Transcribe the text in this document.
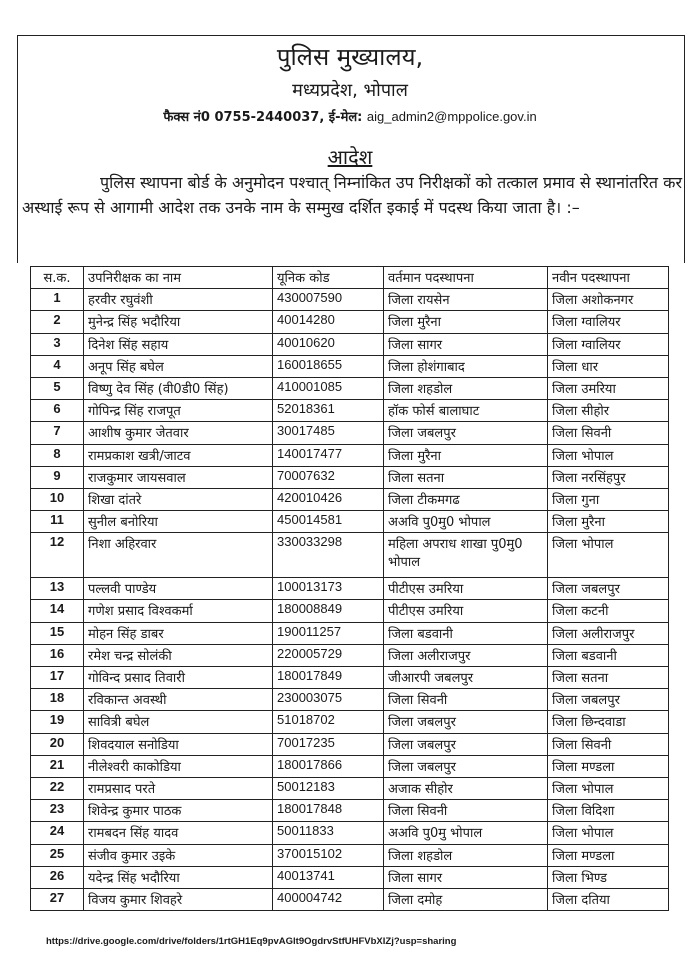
पुलिस मुख्यालय,
मध्यप्रदेश, भोपाल
फैक्स नं0 0755-2440037, ई-मेल: aig_admin2@mppolice.gov.in
आदेश
पुलिस स्थापना बोर्ड के अनुमोदन पश्चात् निम्नांकित उप निरीक्षकों को तत्काल प्रमाव से स्थानांतरित कर अस्थाई रूप से आगामी आदेश तक उनके नाम के सम्मुख दर्शित इकाई में पदस्थ किया जाता है। :–
स.क.	उपनिरीक्षक का नाम	यूनिक कोड	वर्तमान पदस्थापना	नवीन पदस्थापना
1	हरवीर रघुवंशी	430007590	जिला रायसेन	जिला अशोकनगर
2	मुनेन्द्र सिंह भदौरिया	40014280	जिला मुरैना	जिला ग्वालियर
3	दिनेश सिंह सहाय	40010620	जिला सागर	जिला ग्वालियर
4	अनूप सिंह बघेल	160018655	जिला होशंगाबाद	जिला धार
5	विष्णु देव सिंह (वी0डी0 सिंह)	410001085	जिला शहडोल	जिला उमरिया
6	गोपिन्द्र सिंह राजपूत	52018361	हॉक फोर्स बालाघाट	जिला सीहोर
7	आशीष कुमार जेतवार	30017485	जिला जबलपुर	जिला सिवनी
8	रामप्रकाश खत्री/जाटव	140017477	जिला मुरैना	जिला भोपाल
9	राजकुमार जायसवाल	70007632	जिला सतना	जिला नरसिंहपुर
10	शिखा दांतरे	420010426	जिला टीकमगढ	जिला गुना
11	सुनील बनोरिया	450014581	अअवि पु0मु0 भोपाल	जिला मुरैना
12	निशा अहिरवार	330033298	महिला अपराध शाखा पु0मु0 भोपाल	जिला भोपाल
13	पल्लवी पाण्डेय	100013173	पीटीएस उमरिया	जिला जबलपुर
14	गणेश प्रसाद विश्वकर्मा	180008849	पीटीएस उमरिया	जिला कटनी
15	मोहन सिंह डाबर	190011257	जिला बडवानी	जिला अलीराजपुर
16	रमेश चन्द्र सोलंकी	220005729	जिला अलीराजपुर	जिला बडवानी
17	गोविन्द प्रसाद तिवारी	180017849	जीआरपी जबलपुर	जिला सतना
18	रविकान्त अवस्थी	230003075	जिला सिवनी	जिला जबलपुर
19	सावित्री बघेल	51018702	जिला जबलपुर	जिला छिन्दवाडा
20	शिवदयाल सनोडिया	70017235	जिला जबलपुर	जिला सिवनी
21	नीलेश्वरी काकोडिया	180017866	जिला जबलपुर	जिला मण्डला
22	रामप्रसाद परते	50012183	अजाक सीहोर	जिला भोपाल
23	शिवेन्द्र कुमार पाठक	180017848	जिला सिवनी	जिला विदिशा
24	रामबदन सिंह यादव	50011833	अअवि पु0मु भोपाल	जिला भोपाल
25	संजीव कुमार उइके	370015102	जिला शहडोल	जिला मण्डला
26	यदेन्द्र सिंह भदौरिया	40013741	जिला सागर	जिला भिण्ड
27	विजय कुमार शिवहरे	400004742	जिला दमोह	जिला दतिया
https://drive.google.com/drive/folders/1rtGH1Eq9pvAGlt9OgdrvStfUHFVbXIZj?usp=sharing
